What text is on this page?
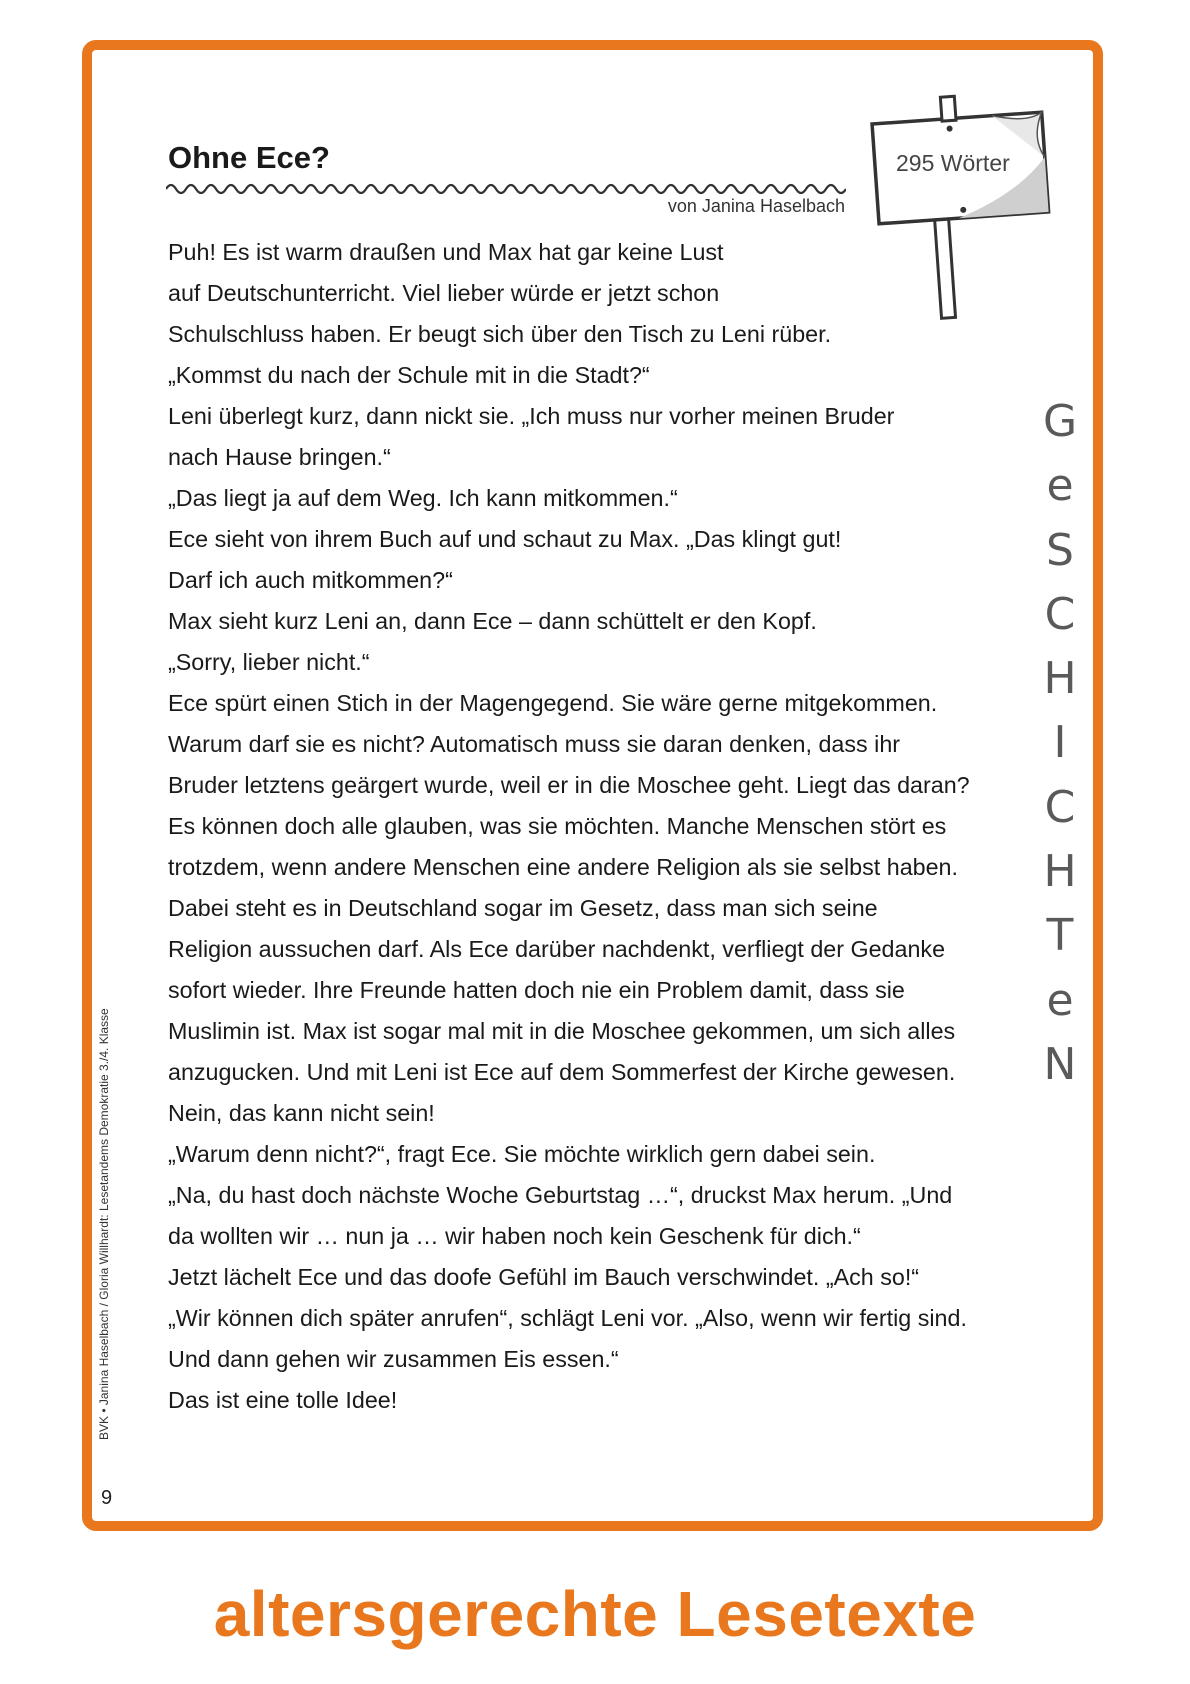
Ohne Ece?
von Janina Haselbach
295 Wörter
Puh! Es ist warm draußen und Max hat gar keine Lust
auf Deutschunterricht. Viel lieber würde er jetzt schon
Schulschluss haben. Er beugt sich über den Tisch zu Leni rüber.
„Kommst du nach der Schule mit in die Stadt?“
Leni überlegt kurz, dann nickt sie. „Ich muss nur vorher meinen Bruder
nach Hause bringen.“
„Das liegt ja auf dem Weg. Ich kann mitkommen.“
Ece sieht von ihrem Buch auf und schaut zu Max. „Das klingt gut!
Darf ich auch mitkommen?“
Max sieht kurz Leni an, dann Ece – dann schüttelt er den Kopf.
„Sorry, lieber nicht.“
Ece spürt einen Stich in der Magengegend. Sie wäre gerne mitgekommen.
Warum darf sie es nicht? Automatisch muss sie daran denken, dass ihr
Bruder letztens geärgert wurde, weil er in die Moschee geht. Liegt das daran?
Es können doch alle glauben, was sie möchten. Manche Menschen stört es
trotzdem, wenn andere Menschen eine andere Religion als sie selbst haben.
Dabei steht es in Deutschland sogar im Gesetz, dass man sich seine
Religion aussuchen darf. Als Ece darüber nachdenkt, verfliegt der Gedanke
sofort wieder. Ihre Freunde hatten doch nie ein Problem damit, dass sie
Muslimin ist. Max ist sogar mal mit in die Moschee gekommen, um sich alles
anzugucken. Und mit Leni ist Ece auf dem Sommerfest der Kirche gewesen.
Nein, das kann nicht sein!
„Warum denn nicht?“, fragt Ece. Sie möchte wirklich gern dabei sein.
„Na, du hast doch nächste Woche Geburtstag …“, druckst Max herum. „Und
da wollten wir … nun ja … wir haben noch kein Geschenk für dich.“
Jetzt lächelt Ece und das doofe Gefühl im Bauch verschwindet. „Ach so!“
„Wir können dich später anrufen“, schlägt Leni vor. „Also, wenn wir fertig sind.
Und dann gehen wir zusammen Eis essen.“
Das ist eine tolle Idee!
G
e
S
C
H
I
C
H
T
e
N
BVK • Janina Haselbach / Gloria Willhardt: Lesetandems Demokratie 3./4. Klasse
9
altersgerechte Lesetexte
